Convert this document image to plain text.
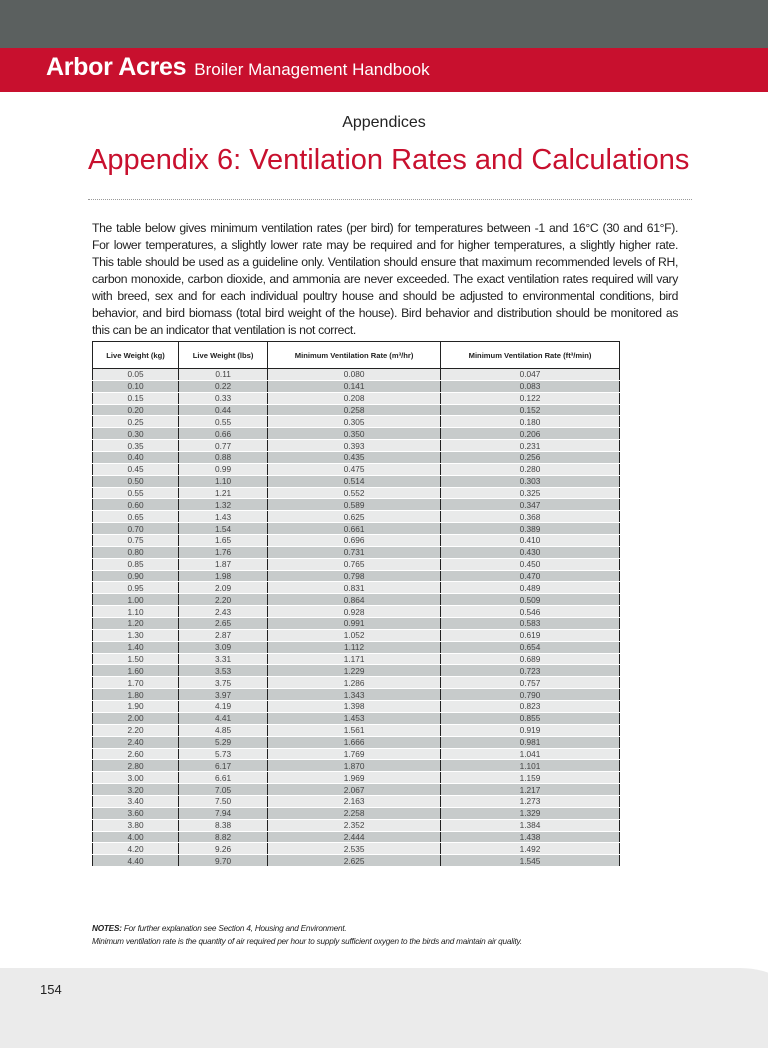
Arbor Acres Broiler Management Handbook
Appendices
Appendix 6: Ventilation Rates and Calculations

The table below gives minimum ventilation rates (per bird) for temperatures between -1 and 16°C (30 and 61°F). For lower temperatures, a slightly lower rate may be required and for higher temperatures, a slightly higher rate. This table should be used as a guideline only. Ventilation should ensure that maximum recommended levels of RH, carbon monoxide, carbon dioxide, and ammonia are never exceeded. The exact ventilation rates required will vary with breed, sex and for each individual poultry house and should be adjusted to environmental conditions, bird behavior, and bird biomass (total bird weight of the house). Bird behavior and distribution should be monitored as this can be an indicator that ventilation is not correct.

Live Weight (kg)	Live Weight (lbs)	Minimum Ventilation Rate (m³/hr)	Minimum Ventilation Rate (ft³/min)
0.05	0.11	0.080	0.047
0.10	0.22	0.141	0.083
0.15	0.33	0.208	0.122
0.20	0.44	0.258	0.152
0.25	0.55	0.305	0.180
0.30	0.66	0.350	0.206
0.35	0.77	0.393	0.231
0.40	0.88	0.435	0.256
0.45	0.99	0.475	0.280
0.50	1.10	0.514	0.303
0.55	1.21	0.552	0.325
0.60	1.32	0.589	0.347
0.65	1.43	0.625	0.368
0.70	1.54	0.661	0.389
0.75	1.65	0.696	0.410
0.80	1.76	0.731	0.430
0.85	1.87	0.765	0.450
0.90	1.98	0.798	0.470
0.95	2.09	0.831	0.489
1.00	2.20	0.864	0.509
1.10	2.43	0.928	0.546
1.20	2.65	0.991	0.583
1.30	2.87	1.052	0.619
1.40	3.09	1.112	0.654
1.50	3.31	1.171	0.689
1.60	3.53	1.229	0.723
1.70	3.75	1.286	0.757
1.80	3.97	1.343	0.790
1.90	4.19	1.398	0.823
2.00	4.41	1.453	0.855
2.20	4.85	1.561	0.919
2.40	5.29	1.666	0.981
2.60	5.73	1.769	1.041
2.80	6.17	1.870	1.101
3.00	6.61	1.969	1.159
3.20	7.05	2.067	1.217
3.40	7.50	2.163	1.273
3.60	7.94	2.258	1.329
3.80	8.38	2.352	1.384
4.00	8.82	2.444	1.438
4.20	9.26	2.535	1.492
4.40	9.70	2.625	1.545
NOTES: For further explanation see Section 4, Housing and Environment.
Minimum ventilation rate is the quantity of air required per hour to supply sufficient oxygen to the birds and maintain air quality.
154
